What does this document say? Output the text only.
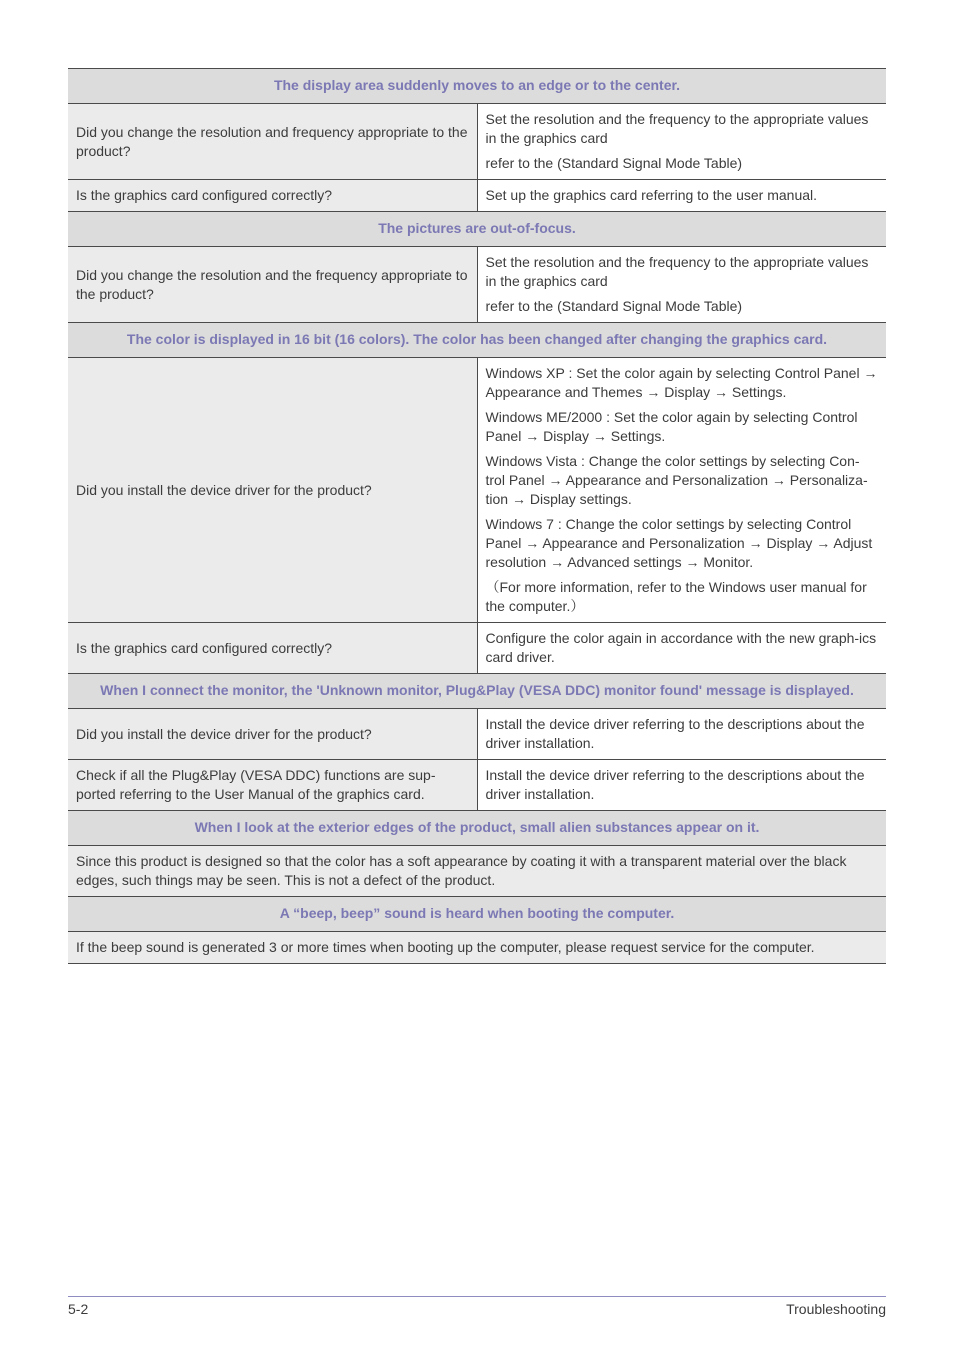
The display area suddenly moves to an edge or to the center.	
Did you change the resolution and frequency appropriate to the product?	Set the resolution and the frequency to the appropriate values in the graphics card

refer to the (Standard Signal Mode Table)

Is the graphics card configured correctly?	Set up the graphics card referring to the user manual.

The pictures are out-of-focus.	
Did you change the resolution and the frequency appropriate to the product?	Set the resolution and the frequency to the appropriate values in the graphics card

refer to the (Standard Signal Mode Table)

The color is displayed in 16 bit (16 colors). The color has been changed after changing the graphics card.	
Did you install the device driver for the product?	Windows XP : Set the color again by selecting Control Panel → Appearance and Themes → Display → Settings.

Windows ME/2000 : Set the color again by selecting Control Panel → Display → Settings.

Windows Vista : Change the color settings by selecting Con-trol Panel → Appearance and Personalization → Personaliza-tion → Display settings.

Windows 7 : Change the color settings by selecting Control Panel → Appearance and Personalization → Display → Adjust resolution → Advanced settings → Monitor.

（For more information, refer to the Windows user manual for the computer.）

Is the graphics card configured correctly?	Configure the color again in accordance with the new graph-ics card driver.

When I connect the monitor, the 'Unknown monitor, Plug&Play (VESA DDC) monitor found' message is displayed.	
Did you install the device driver for the product?	Install the device driver referring to the descriptions about the driver installation.

Check if all the Plug&Play (VESA DDC) functions are sup-ported referring to the User Manual of the graphics card.	Install the device driver referring to the descriptions about the driver installation.

When I look at the exterior edges of the product, small alien substances appear on it.	
Since this product is designed so that the color has a soft appearance by coating it with a transparent material over the black edges, such things may be seen. This is not a defect of the product.	
A “beep, beep” sound is heard when booting the computer.	
If the beep sound is generated 3 or more times when booting up the computer, please request service for the computer.	
5-2	Troubleshooting
